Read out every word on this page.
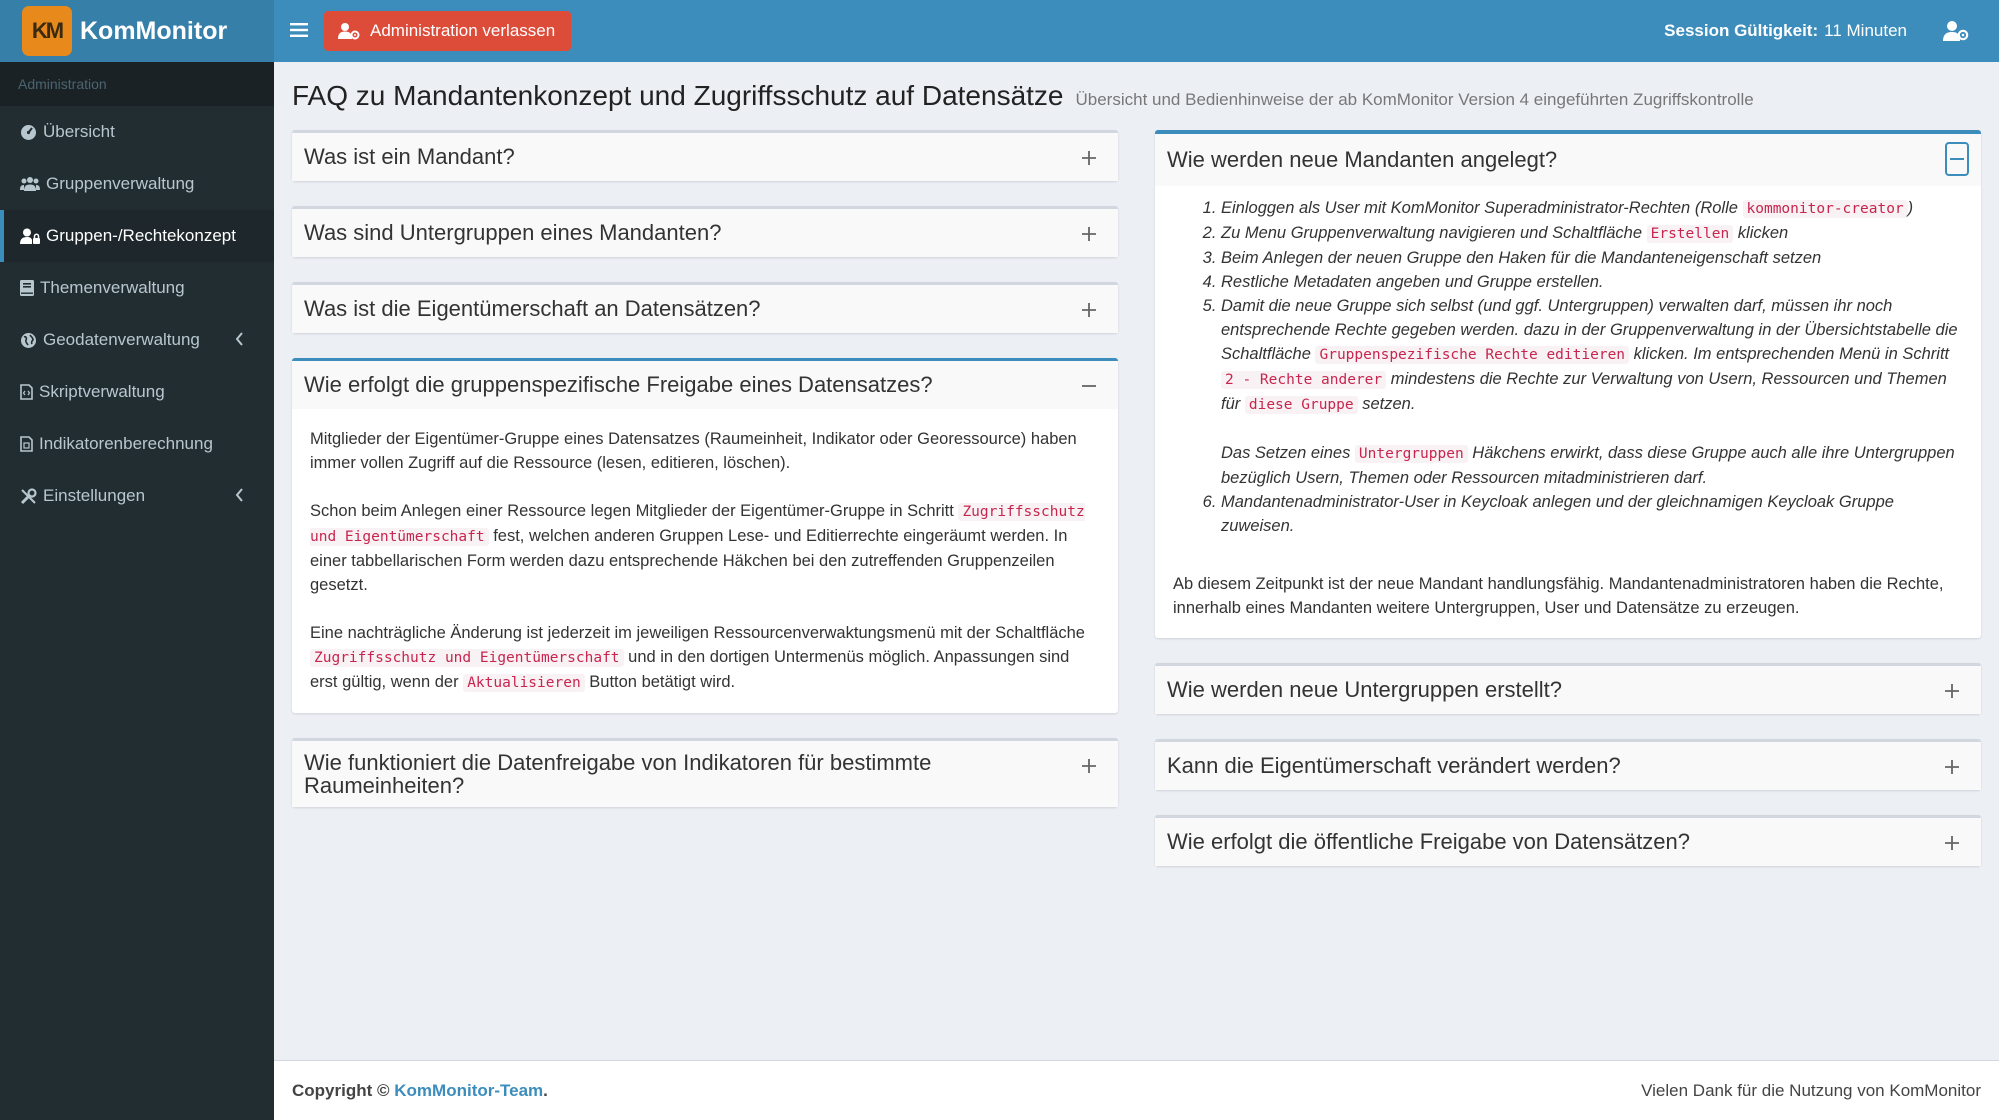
KM KomMonitor	Administration verlassen	Session Gültigkeit: 11 Minuten
Administration
Übersicht
Gruppenverwaltung
Gruppen-/Rechtekonzept
Themenverwaltung
Geodatenverwaltung
Skriptverwaltung
Indikatorenberechnung
Einstellungen
FAQ zu Mandantenkonzept und Zugriffsschutz auf Datensätze Übersicht und Bedienhinweise der ab KomMonitor Version 4 eingeführten Zugriffskontrolle
Was ist ein Mandant?
Was sind Untergruppen eines Mandanten?
Was ist die Eigentümerschaft an Datensätzen?
Wie erfolgt die gruppenspezifische Freigabe eines Datensatzes?

Mitglieder der Eigentümer-Gruppe eines Datensatzes (Raumeinheit, Indikator oder Georessource) haben immer vollen Zugriff auf die Ressource (lesen, editieren, löschen).

Schon beim Anlegen einer Ressource legen Mitglieder der Eigentümer-Gruppe in Schritt Zugriffsschutz und Eigentümerschaft fest, welchen anderen Gruppen Lese- und Editierrechte eingeräumt werden. In einer tabbellarischen Form werden dazu entsprechende Häkchen bei den zutreffenden Gruppenzeilen gesetzt.

Eine nachträgliche Änderung ist jederzeit im jeweiligen Ressourcenverwaktungsmenü mit der Schaltfläche Zugriffsschutz und Eigentümerschaft und in den dortigen Untermenüs möglich. Anpassungen sind erst gültig, wenn der Aktualisieren Button betätigt wird.

Wie funktioniert die Datenfreigabe von Indikatoren für bestimmte Raumeinheiten?
Wie werden neue Mandanten angelegt?
1. Einloggen als User mit KomMonitor Superadministrator-Rechten (Rolle kommonitor-creator )
2. Zu Menu Gruppenverwaltung navigieren und Schaltfläche Erstellen klicken
3. Beim Anlegen der neuen Gruppe den Haken für die Mandanteneigenschaft setzen
4. Restliche Metadaten angeben und Gruppe erstellen.
5. Damit die neue Gruppe sich selbst (und ggf. Untergruppen) verwalten darf, müssen ihr noch entsprechende Rechte gegeben werden. dazu in der Gruppenverwaltung in der Übersichtstabelle die Schaltfläche Gruppenspezifische Rechte editieren klicken. Im entsprechenden Menü in Schritt 2 - Rechte anderer mindestens die Rechte zur Verwaltung von Usern, Ressourcen und Themen für diese Gruppe setzen.
Das Setzen eines Untergruppen Häkchens erwirkt, dass diese Gruppe auch alle ihre Untergruppen bezüglich Usern, Themen oder Ressourcen mitadministrieren darf.
6. Mandantenadministrator-User in Keycloak anlegen und der gleichnamigen Keycloak Gruppe zuweisen.

Ab diesem Zeitpunkt ist der neue Mandant handlungsfähig. Mandantenadministratoren haben die Rechte, innerhalb eines Mandanten weitere Untergruppen, User und Datensätze zu erzeugen.

Wie werden neue Untergruppen erstellt?
Kann die Eigentümerschaft verändert werden?
Wie erfolgt die öffentliche Freigabe von Datensätzen?
Copyright © KomMonitor-Team.	Vielen Dank für die Nutzung von KomMonitor
